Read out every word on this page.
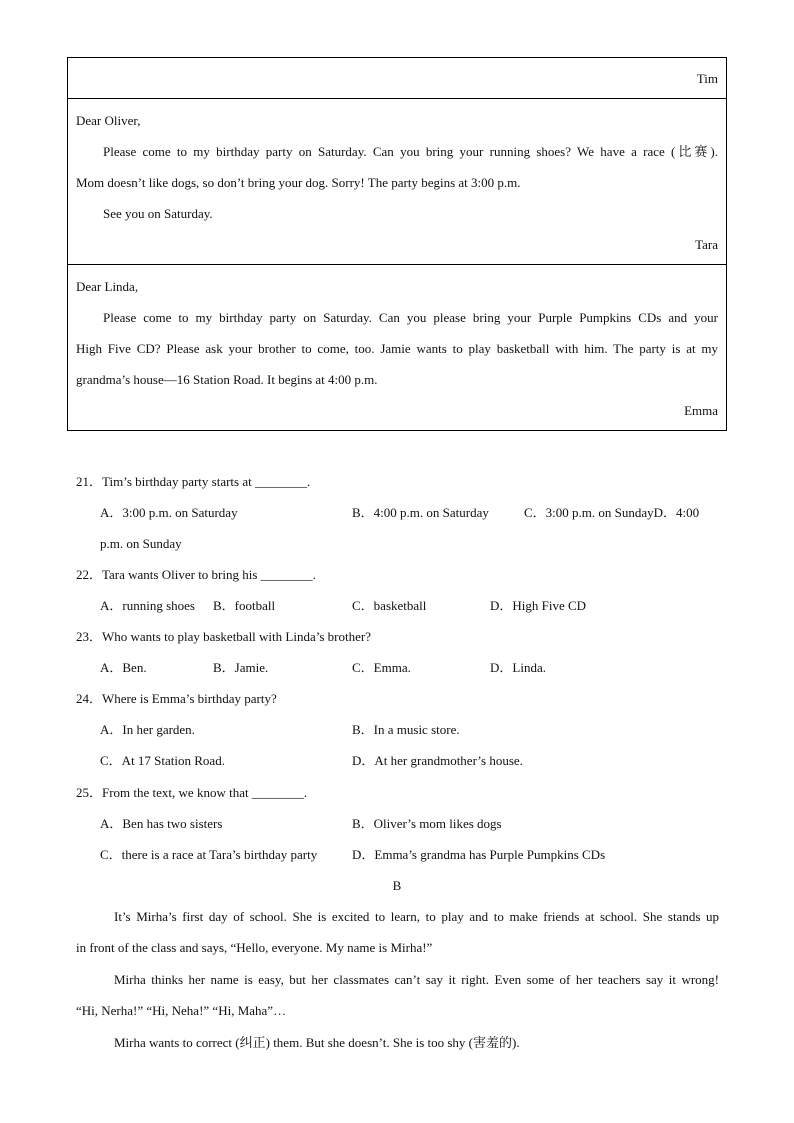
Tim
Dear Oliver,
Please come to my birthday party on Saturday. Can you bring your running shoes? We have a race (比赛).
Mom doesn’t like dogs, so don’t bring your dog. Sorry! The party begins at 3:00 p.m.
See you on Saturday.
Tara
Dear Linda,
Please come to my birthday party on Saturday. Can you please bring your Purple Pumpkins CDs and your
High Five CD? Please ask your brother to come, too. Jamie wants to play basketball with him. The party is at my
grandma’s house—16 Station Road. It begins at 4:00 p.m.
Emma
21．Tim’s birthday party starts at ________.
A．3:00 p.m. on Saturday	B．4:00 p.m. on Saturday	C．3:00 p.m. on SundayD．4:00
p.m. on Sunday
22．Tara wants Oliver to bring his ________.
A．running shoes B．football	C．basketball	D．High Five CD
23．Who wants to play basketball with Linda’s brother?
A．Ben.	B．Jamie.	C．Emma.	D．Linda.
24．Where is Emma’s birthday party?
A．In her garden.	B．In a music store.
C．At 17 Station Road.	D．At her grandmother’s house.
25．From the text, we know that ________.
A．Ben has two sisters	B．Oliver’s mom likes dogs
C．there is a race at Tara’s birthday party	D．Emma’s grandma has Purple Pumpkins CDs
B
It’s Mirha’s first day of school. She is excited to learn, to play and to make friends at school. She stands up
in front of the class and says, “Hello, everyone. My name is Mirha!”
Mirha thinks her name is easy, but her classmates can’t say it right. Even some of her teachers say it wrong!
“Hi, Nerha!” “Hi, Neha!” “Hi, Maha”…
Mirha wants to correct (纠正) them. But she doesn’t. She is too shy (害羞的).
